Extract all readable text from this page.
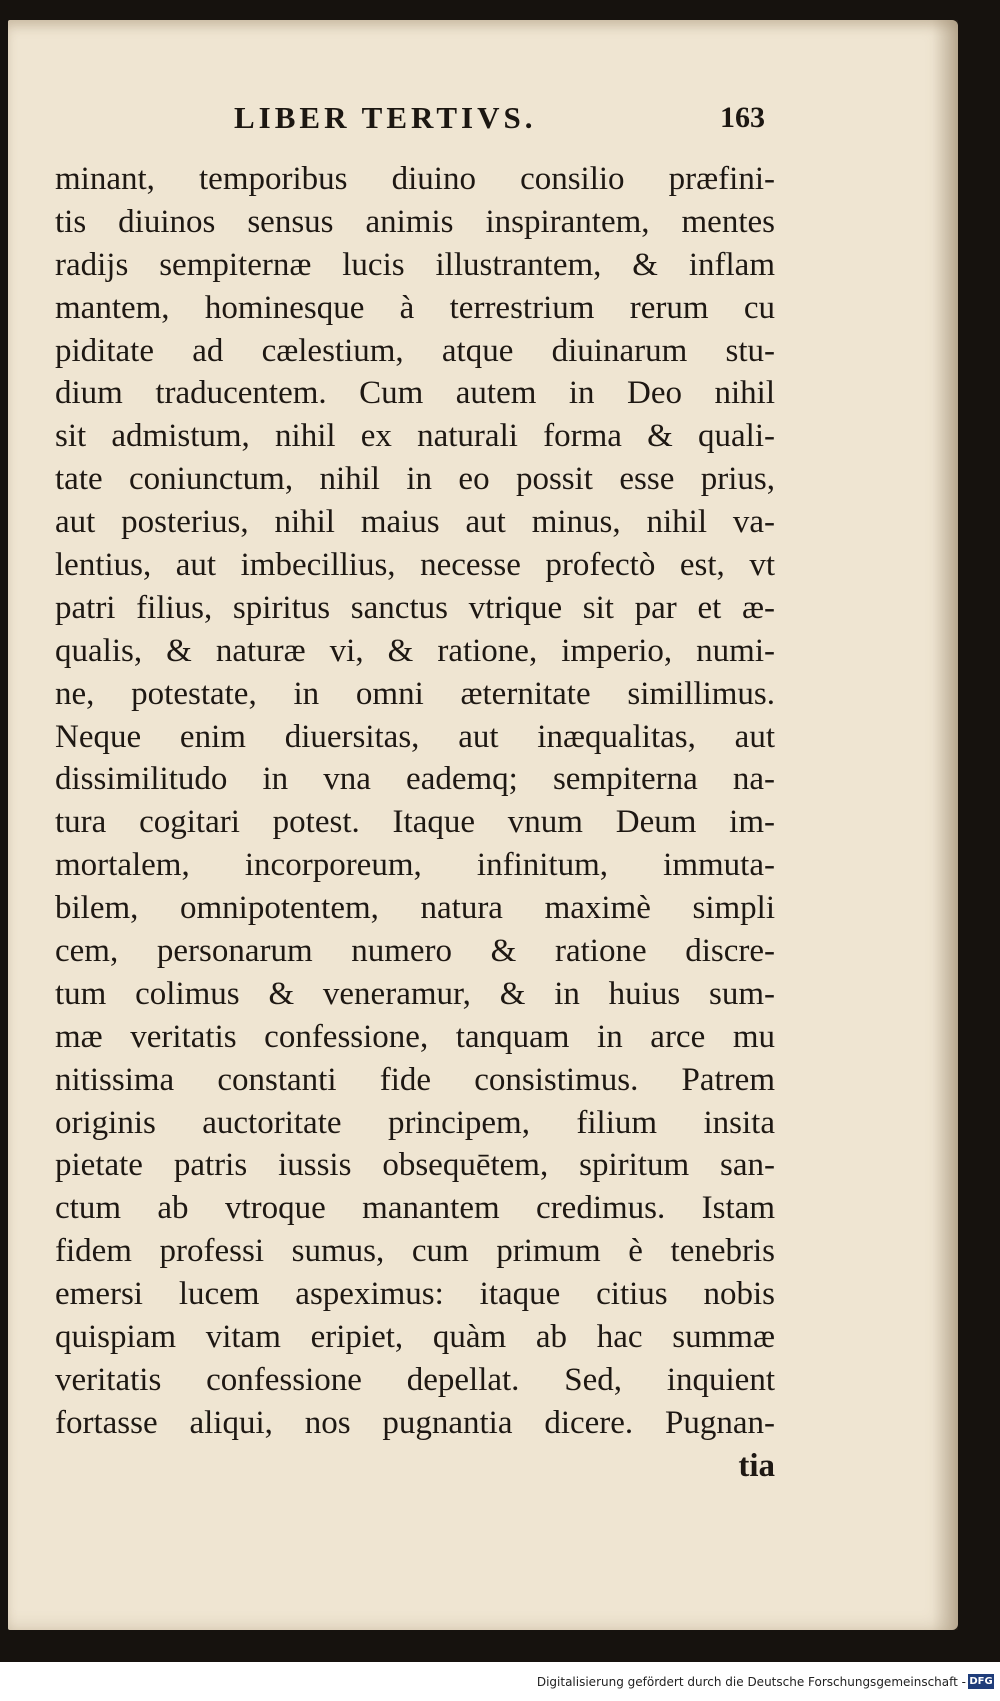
LIBER TERTIVS.	163
minant, temporibus diuino consilio præfini-
tis diuinos sensus animis inspirantem, mentes
radijs sempiternæ lucis illustrantem, & inflam
mantem, hominesque à terrestrium rerum cu
piditate ad cælestium, atque diuinarum stu-
dium traducentem. Cum autem in Deo nihil
sit admistum, nihil ex naturali forma & quali-
tate coniunctum, nihil in eo possit esse prius,
aut posterius, nihil maius aut minus, nihil va-
lentius, aut imbecillius, necesse profectò est, vt
patri filius, spiritus sanctus vtrique sit par et æ-
qualis, & naturæ vi, & ratione, imperio, numi-
ne, potestate, in omni æternitate simillimus.
Neque enim diuersitas, aut inæqualitas, aut
dissimilitudo in vna eademq; sempiterna na-
tura cogitari potest. Itaque vnum Deum im-
mortalem, incorporeum, infinitum, immuta-
bilem, omnipotentem, natura maximè simpli
cem, personarum numero & ratione discre-
tum colimus & veneramur, & in huius sum-
mæ veritatis confessione, tanquam in arce mu
nitissima constanti fide consistimus. Patrem
originis auctoritate principem, filium insita
pietate patris iussis obsequētem, spiritum san-
ctum ab vtroque manantem credimus. Istam
fidem professi sumus, cum primum è tenebris
emersi lucem aspeximus: itaque citius nobis
quispiam vitam eripiet, quàm ab hac summæ
veritatis confessione depellat. Sed, inquient
fortasse aliqui, nos pugnantia dicere. Pugnan-
tia
Digitalisierung gefördert durch die Deutsche Forschungsgemeinschaft - DFG
